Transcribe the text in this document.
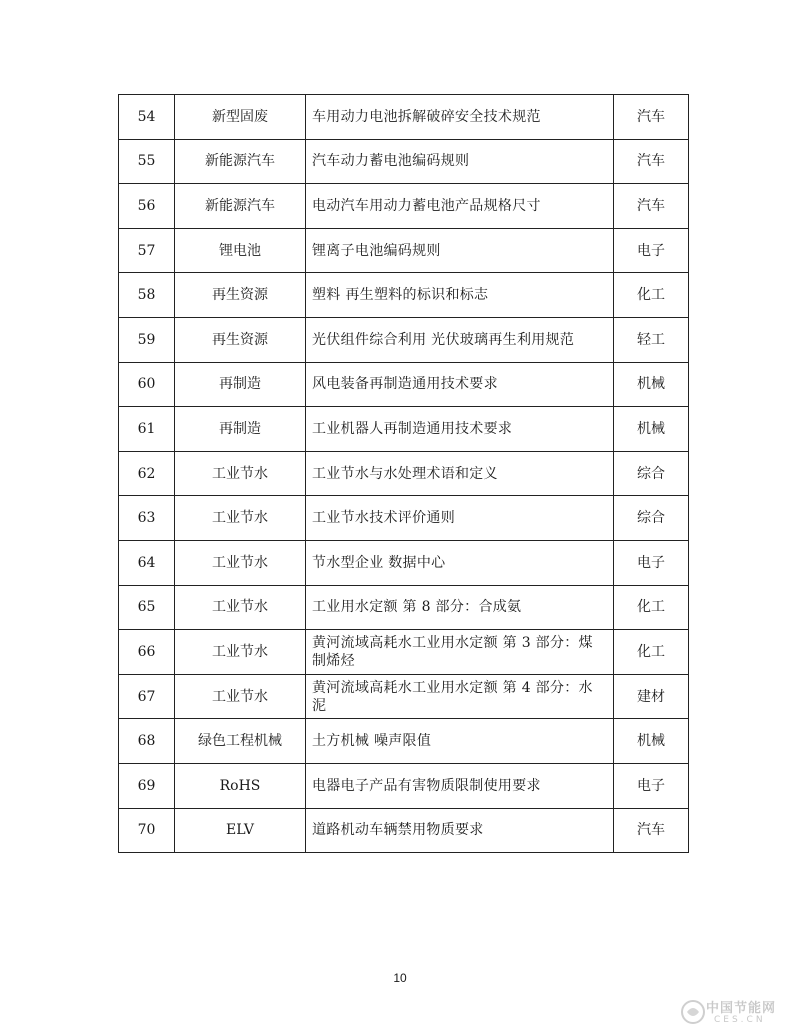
54	新型固废	车用动力电池拆解破碎安全技术规范	汽车
55	新能源汽车	汽车动力蓄电池编码规则	汽车
56	新能源汽车	电动汽车用动力蓄电池产品规格尺寸	汽车
57	锂电池	锂离子电池编码规则	电子
58	再生资源	塑料 再生塑料的标识和标志	化工
59	再生资源	光伏组件综合利用 光伏玻璃再生利用规范	轻工
60	再制造	风电装备再制造通用技术要求	机械
61	再制造	工业机器人再制造通用技术要求	机械
62	工业节水	工业节水与水处理术语和定义	综合
63	工业节水	工业节水技术评价通则	综合
64	工业节水	节水型企业 数据中心	电子
65	工业节水	工业用水定额 第 8 部分：合成氨	化工
66	工业节水	黄河流域高耗水工业用水定额 第 3 部分：煤制烯烃	化工
67	工业节水	黄河流域高耗水工业用水定额 第 4 部分：水泥	建材
68	绿色工程机械	土方机械 噪声限值	机械
69	RoHS	电器电子产品有害物质限制使用要求	电子
70	ELV	道路机动车辆禁用物质要求	汽车
10
中国节能网
CES.CN
